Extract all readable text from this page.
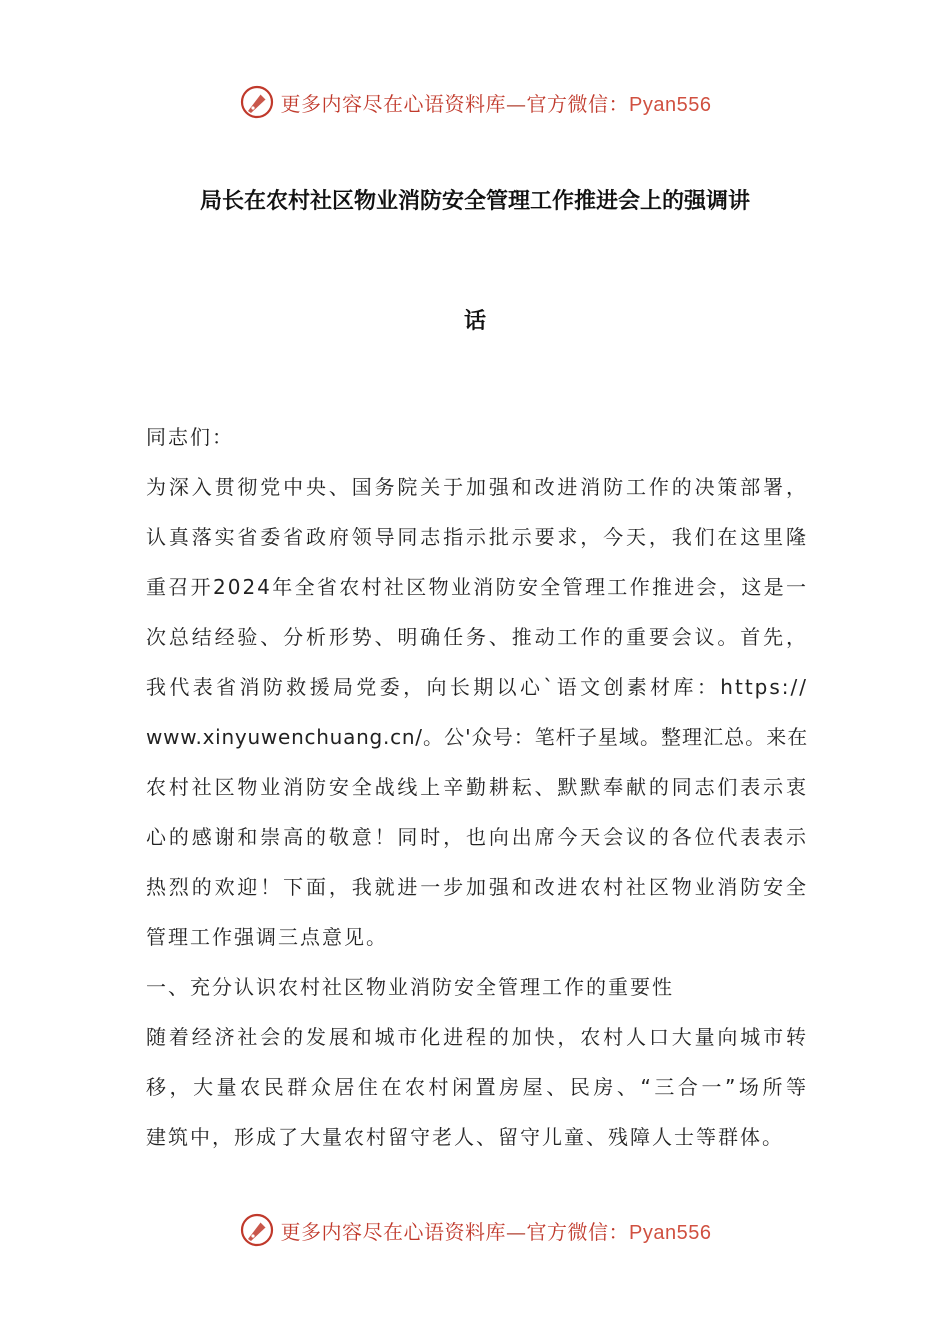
更多内容尽在心语资料库—官方微信：Pyan556
局长在农村社区物业消防安全管理工作推进会上的强调讲
话
同志们：
为深入贯彻党中央、国务院关于加强和改进消防工作的决策部署，
认真落实省委省政府领导同志指示批示要求，今天，我们在这里隆
重召开2024年全省农村社区物业消防安全管理工作推进会，这是一
次总结经验、分析形势、明确任务、推动工作的重要会议。首先，
我代表省消防救援局党委，向长期以心`语文创素材库：https://
www.xinyuwenchuang.cn/。公'众号：笔杆子星域。整理汇总。来在
农村社区物业消防安全战线上辛勤耕耘、默默奉献的同志们表示衷
心的感谢和崇高的敬意！同时，也向出席今天会议的各位代表表示
热烈的欢迎！下面，我就进一步加强和改进农村社区物业消防安全
管理工作强调三点意见。
一、充分认识农村社区物业消防安全管理工作的重要性
随着经济社会的发展和城市化进程的加快，农村人口大量向城市转
移，大量农民群众居住在农村闲置房屋、民房、“三合一”场所等
建筑中，形成了大量农村留守老人、留守儿童、残障人士等群体。
更多内容尽在心语资料库—官方微信：Pyan556
